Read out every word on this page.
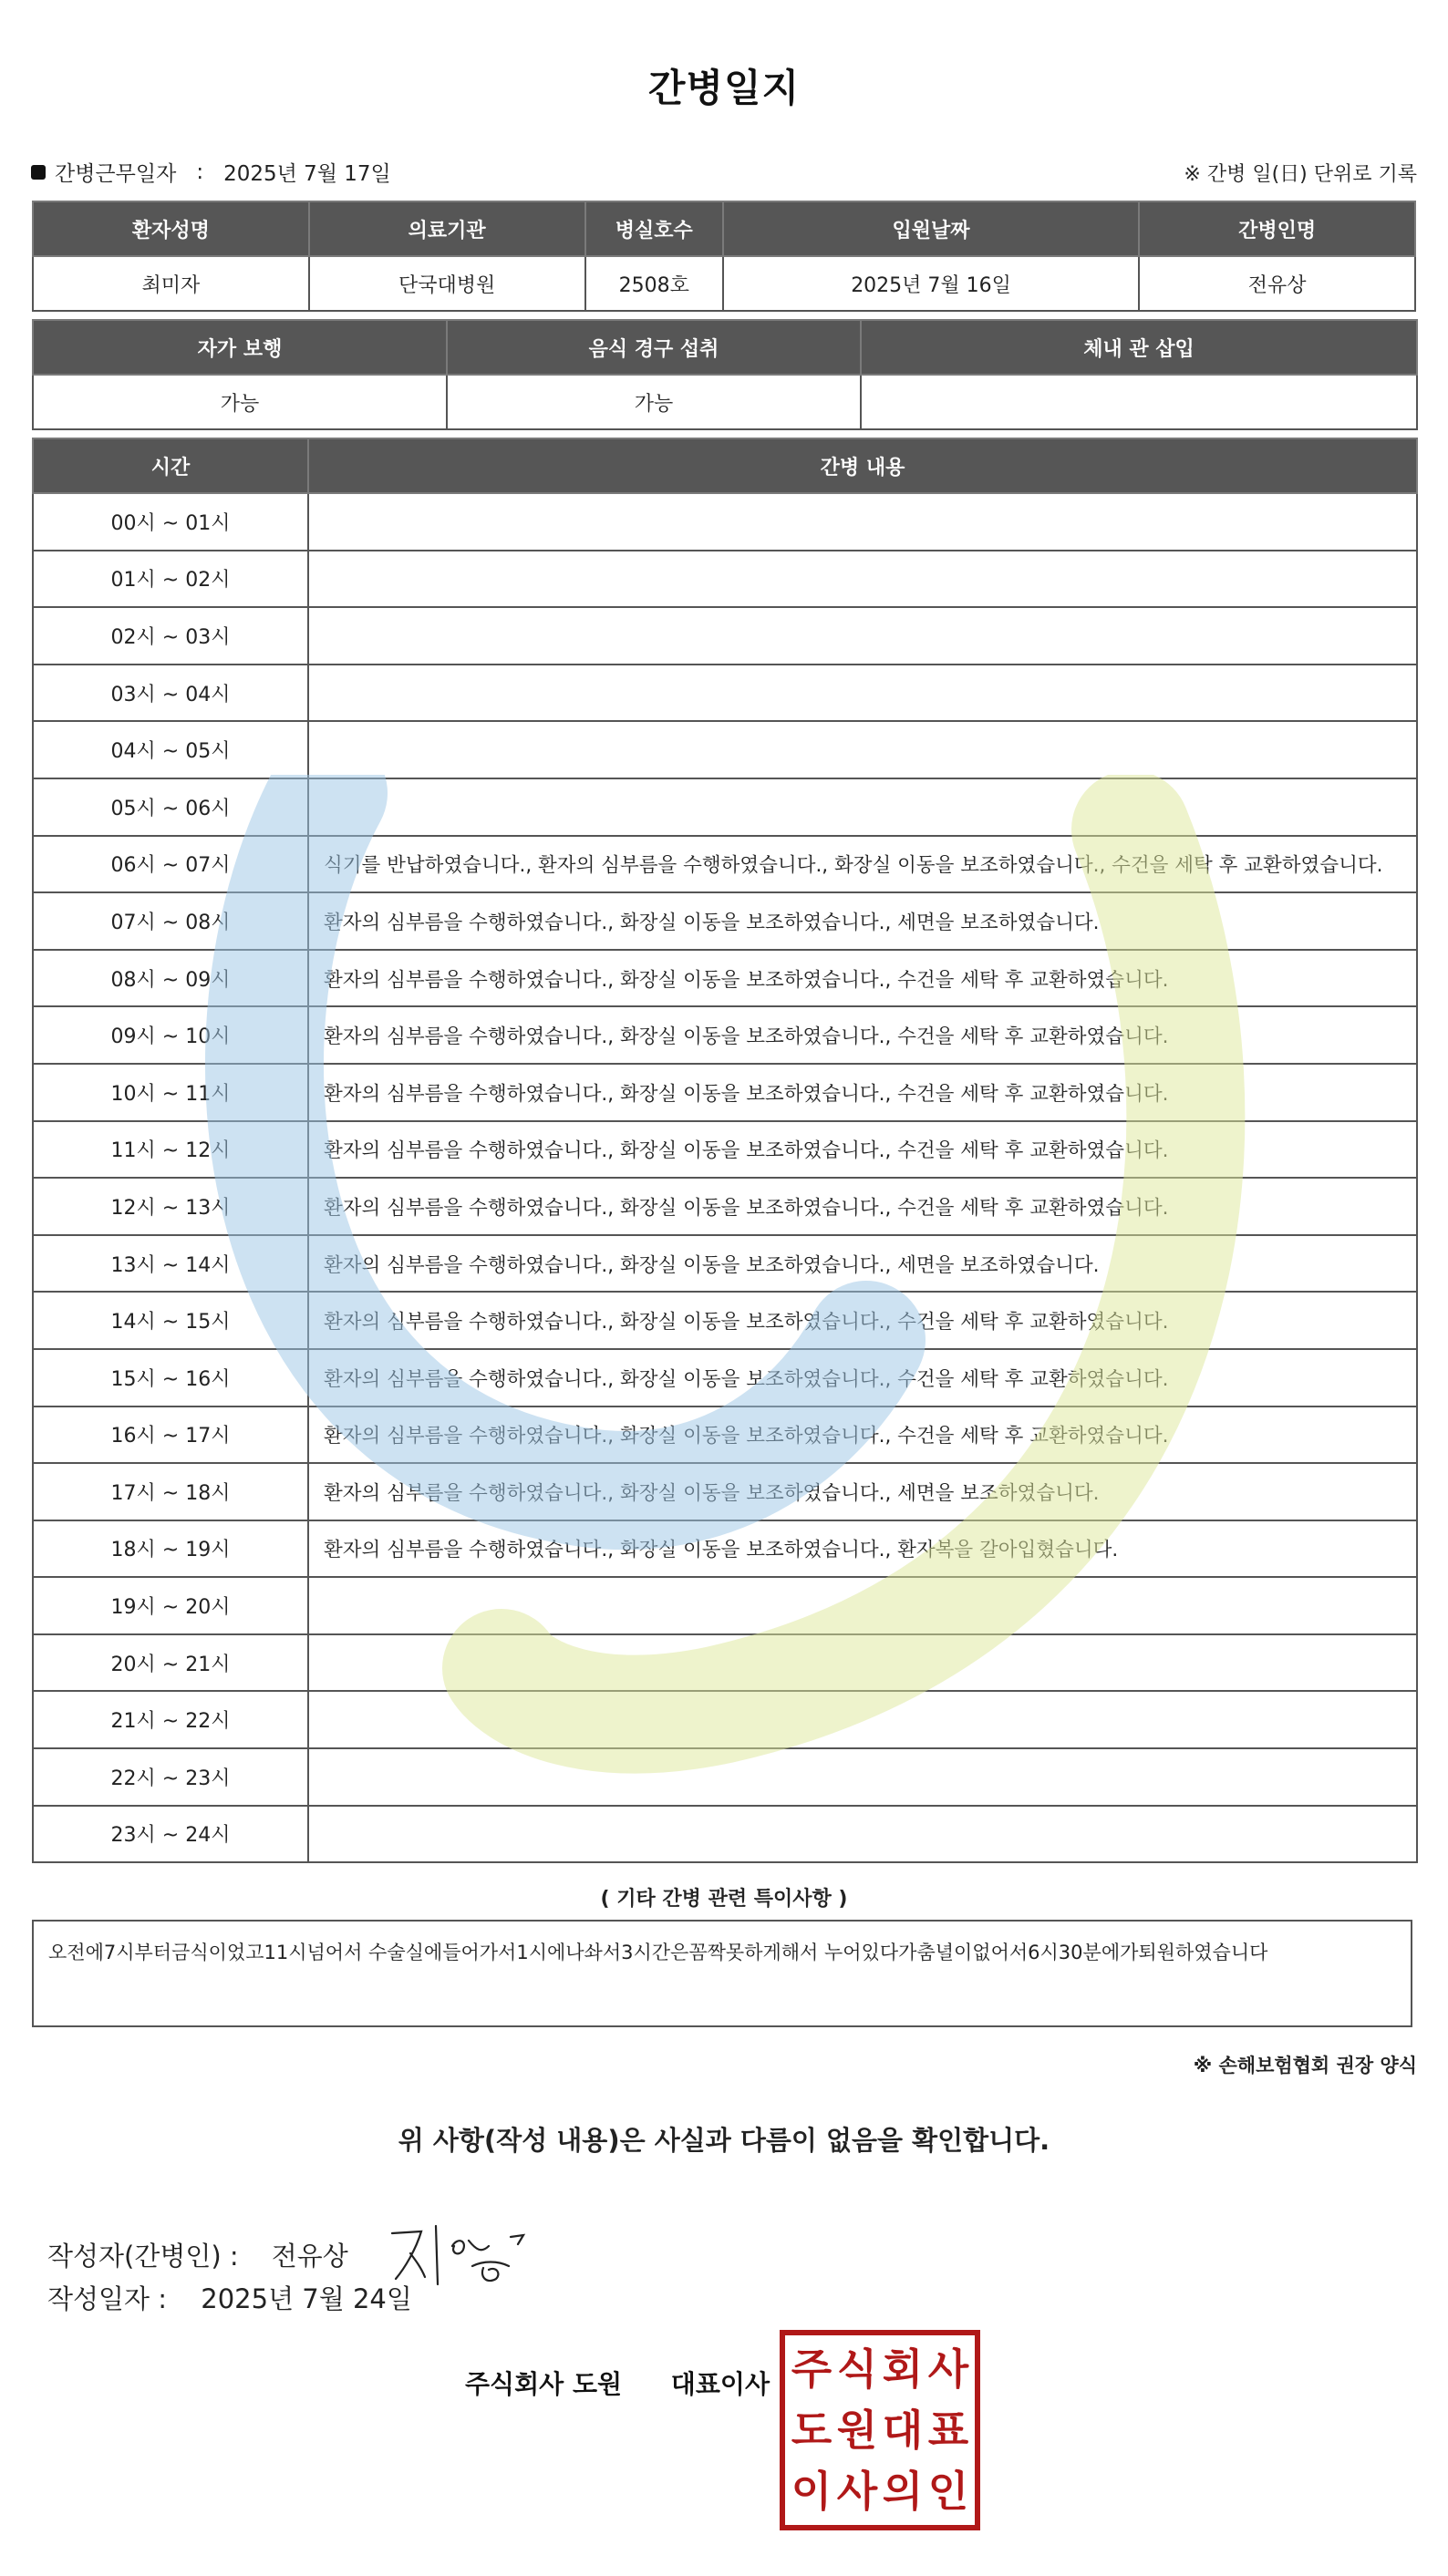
간병일지
간병근무일자 : 2025년 7월 17일	※ 간병 일(日) 단위로 기록
환자성명	의료기관	병실호수	입원날짜	간병인명
최미자	단국대병원	2508호	2025년 7월 16일	전유상
자가 보행	음식 경구 섭취	체내 관 삽입
가능	가능	
시간	간병 내용
00시 ~ 01시	
01시 ~ 02시	
02시 ~ 03시	
03시 ~ 04시	
04시 ~ 05시	
05시 ~ 06시	
06시 ~ 07시	식기를 반납하였습니다., 환자의 심부름을 수행하였습니다., 화장실 이동을 보조하였습니다., 수건을 세탁 후 교환하였습니다.
07시 ~ 08시	환자의 심부름을 수행하였습니다., 화장실 이동을 보조하였습니다., 세면을 보조하였습니다.
08시 ~ 09시	환자의 심부름을 수행하였습니다., 화장실 이동을 보조하였습니다., 수건을 세탁 후 교환하였습니다.
09시 ~ 10시	환자의 심부름을 수행하였습니다., 화장실 이동을 보조하였습니다., 수건을 세탁 후 교환하였습니다.
10시 ~ 11시	환자의 심부름을 수행하였습니다., 화장실 이동을 보조하였습니다., 수건을 세탁 후 교환하였습니다.
11시 ~ 12시	환자의 심부름을 수행하였습니다., 화장실 이동을 보조하였습니다., 수건을 세탁 후 교환하였습니다.
12시 ~ 13시	환자의 심부름을 수행하였습니다., 화장실 이동을 보조하였습니다., 수건을 세탁 후 교환하였습니다.
13시 ~ 14시	환자의 심부름을 수행하였습니다., 화장실 이동을 보조하였습니다., 세면을 보조하였습니다.
14시 ~ 15시	환자의 심부름을 수행하였습니다., 화장실 이동을 보조하였습니다., 수건을 세탁 후 교환하였습니다.
15시 ~ 16시	환자의 심부름을 수행하였습니다., 화장실 이동을 보조하였습니다., 수건을 세탁 후 교환하였습니다.
16시 ~ 17시	환자의 심부름을 수행하였습니다., 화장실 이동을 보조하였습니다., 수건을 세탁 후 교환하였습니다.
17시 ~ 18시	환자의 심부름을 수행하였습니다., 화장실 이동을 보조하였습니다., 세면을 보조하였습니다.
18시 ~ 19시	환자의 심부름을 수행하였습니다., 화장실 이동을 보조하였습니다., 환자복을 갈아입혔습니다.
19시 ~ 20시	
20시 ~ 21시	
21시 ~ 22시	
22시 ~ 23시	
23시 ~ 24시	
( 기타 간병 관련 특이사항 )
오전에7시부터금식이었고11시넘어서 수술실에들어가서1시에나솨서3시간은꼼짝못하게해서 누어있다가춤녈이없어서6시30분에가퇴원하였습니다
※ 손해보험협회 권장 양식
위 사항(작성 내용)은 사실과 다름이 없음을 확인합니다.
작성자(간병인) : 전유상
작성일자 : 2025년 7월 24일
주식회사 도원 대표이사 주 식 회 사
도 원 대 표
이 사 의 인
